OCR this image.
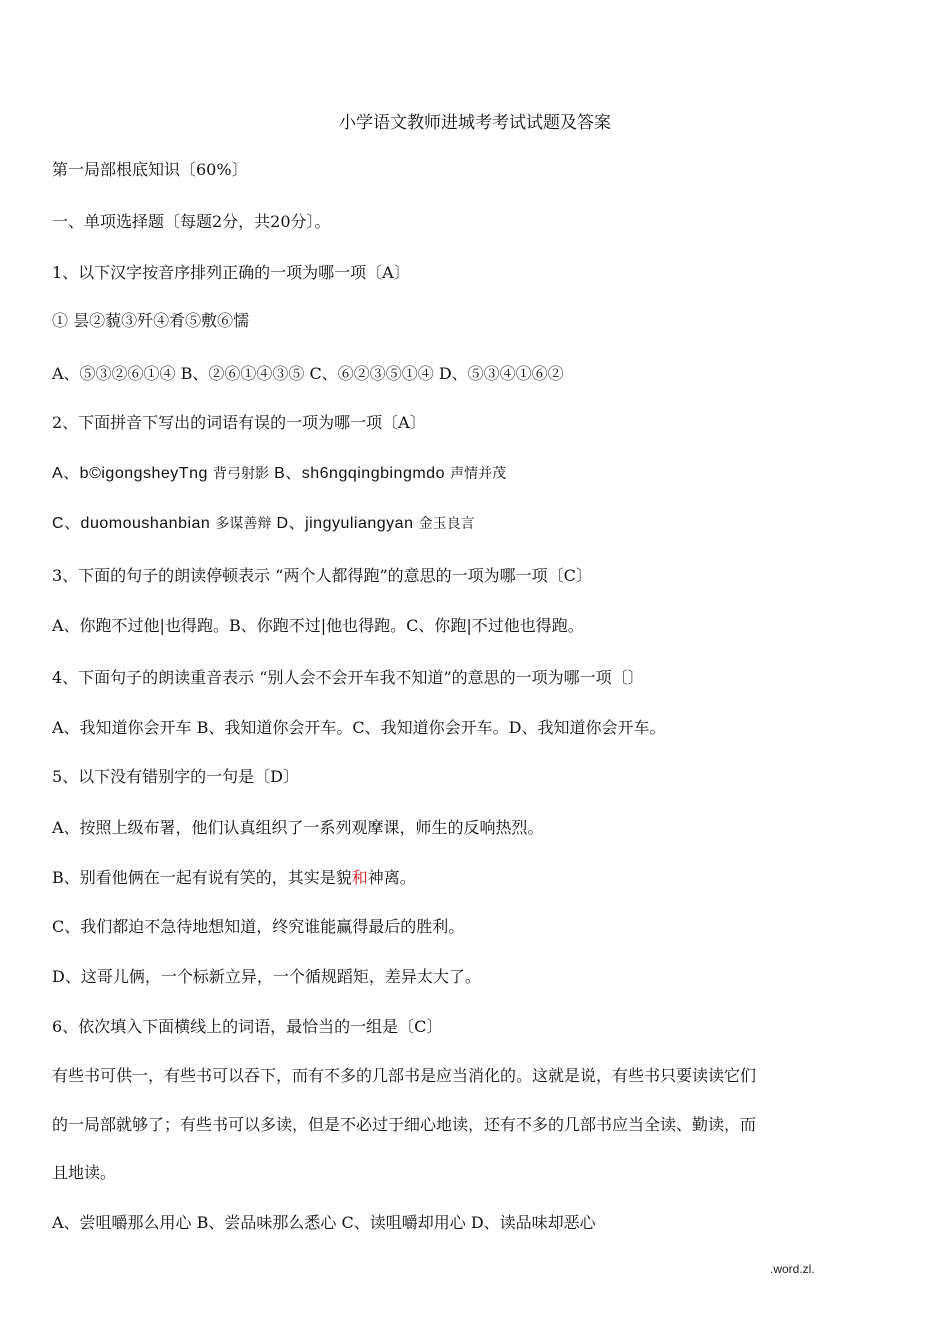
小学语文教师进城考考试试题及答案
第一局部根底知识〔60%〕
一、单项选择题〔每题2分，共20分〕。
1、以下汉字按音序排列正确的一项为哪一项〔A〕
① 昙②藐③歼④肴⑤敷⑥懦
A、⑤③②⑥①④ B、②⑥①④③⑤ C、⑥②③⑤①④ D、⑤③④①⑥②
2、下面拼音下写出的词语有误的一项为哪一项〔A〕
A、b©igongsheyTng 背弓射影 B、sh6ngqingbingmdo 声情并茂
C、duomoushanbian 多谋善辩 D、jingyuliangyan 金玉良言
3、下面的句子的朗读停顿表示 “两个人都得跑”的意思的一项为哪一项〔C〕
A、你跑不过他|也得跑。B、你跑不过|他也得跑。C、你跑|不过他也得跑。
4、下面句子的朗读重音表示 “别人会不会开车我不知道”的意思的一项为哪一项〔〕
A、我知道你会开车 B、我知道你会开车。C、我知道你会开车。D、我知道你会开车。
5、以下没有错别字的一句是〔D〕
A、按照上级布署，他们认真组织了一系列观摩课，师生的反响热烈。
B、别看他俩在一起有说有笑的，其实是貌和神离。
C、我们都迫不急待地想知道，终究谁能赢得最后的胜利。
D、这哥儿俩，一个标新立异，一个循规蹈矩，差异太大了。
6、依次填入下面横线上的词语，最恰当的一组是〔C〕
有些书可供一，有些书可以吞下，而有不多的几部书是应当消化的。这就是说，有些书只要读读它们
的一局部就够了；有些书可以多读，但是不必过于细心地读，还有不多的几部书应当全读、勤读，而
且地读。
A、尝咀嚼那么用心 B、尝品味那么悉心 C、读咀嚼却用心 D、读品味却恶心
.word.zl.
